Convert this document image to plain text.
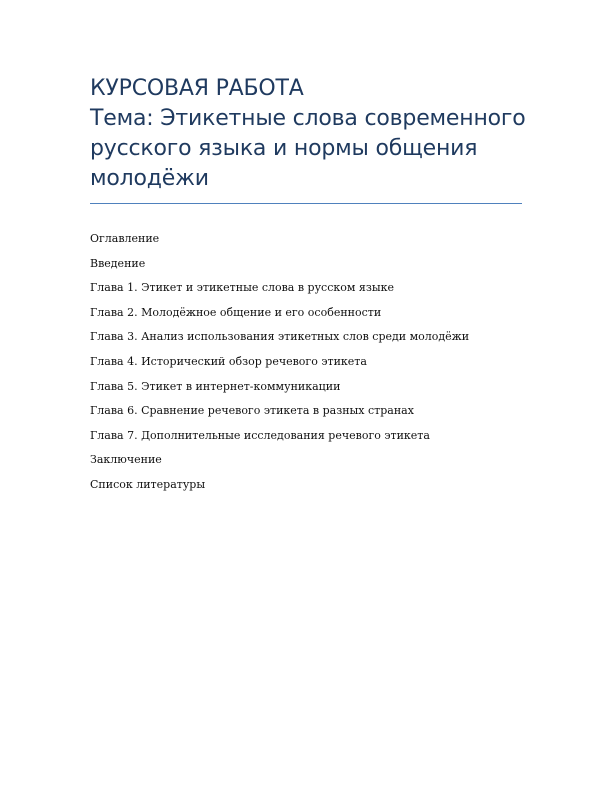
КУРСОВАЯ РАБОТА
Тема: Этикетные слова современного
русского языка и нормы общения
молодёжи
Оглавление
Введение
Глава 1. Этикет и этикетные слова в русском языке
Глава 2. Молодёжное общение и его особенности
Глава 3. Анализ использования этикетных слов среди молодёжи
Глава 4. Исторический обзор речевого этикета
Глава 5. Этикет в интернет-коммуникации
Глава 6. Сравнение речевого этикета в разных странах
Глава 7. Дополнительные исследования речевого этикета
Заключение
Список литературы
